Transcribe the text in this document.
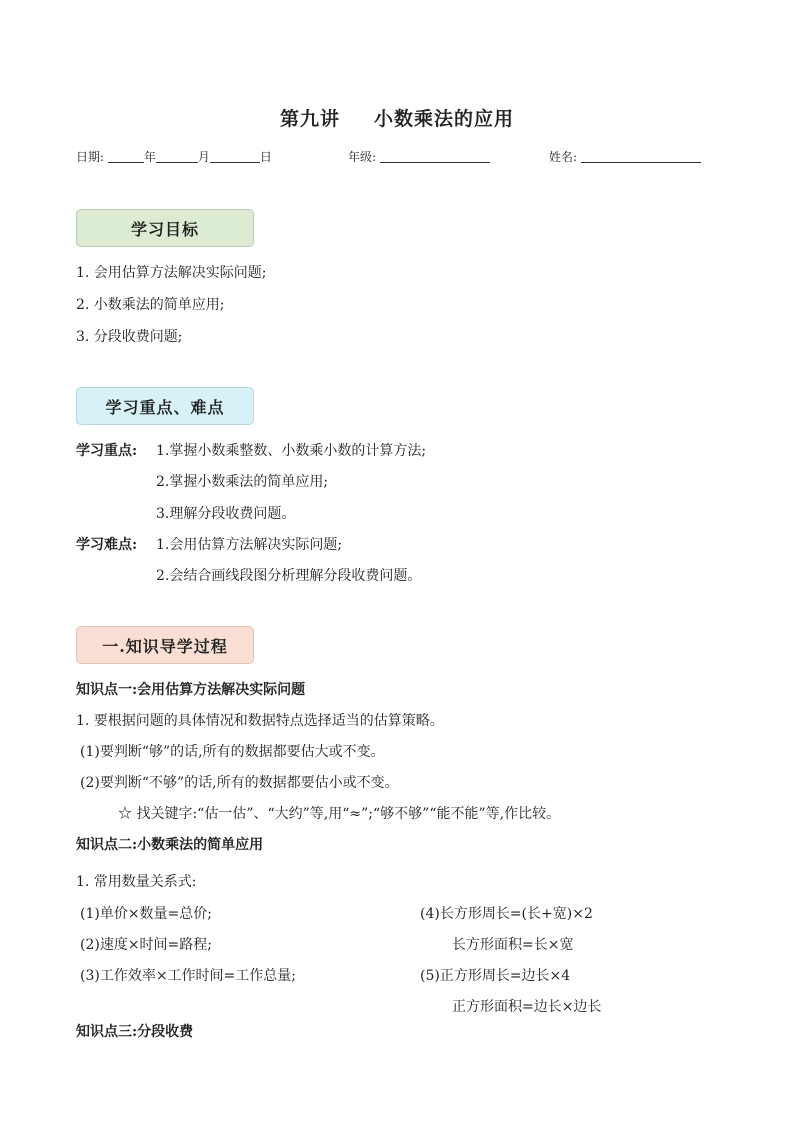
第九讲 小数乘法的应用
日期:	年	月	日	年级:	姓名:
学习目标
1. 会用估算方法解决实际问题;
2. 小数乘法的简单应用;
3. 分段收费问题;
学习重点、难点
学习重点: 1.掌握小数乘整数、小数乘小数的计算方法;
2.掌握小数乘法的简单应用;
3.理解分段收费问题。
学习难点: 1.会用估算方法解决实际问题;
2.会结合画线段图分析理解分段收费问题。
一.知识导学过程
知识点一:会用估算方法解决实际问题
1. 要根据问题的具体情况和数据特点选择适当的估算策略。
(1)要判断“够”的话,所有的数据都要估大或不变。
(2)要判断“不够”的话,所有的数据都要估小或不变。
☆ 找关键字:“估一估”、“大约”等,用“≈”;“够不够”“能不能”等,作比较。
知识点二:小数乘法的简单应用
1. 常用数量关系式:
(1)单价×数量=总价;
(2)速度×时间=路程;
(3)工作效率×工作时间=工作总量;
(4)长方形周长=(长+宽)×2
长方形面积=长×宽
(5)正方形周长=边长×4
正方形面积=边长×边长
知识点三:分段收费
